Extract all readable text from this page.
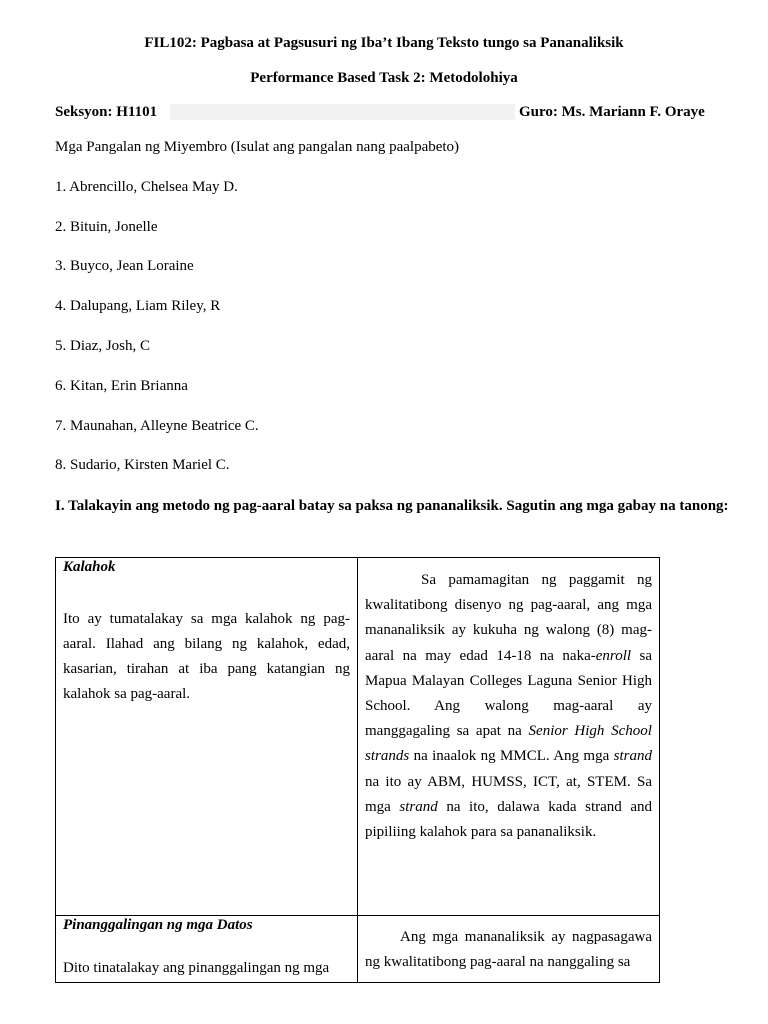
FIL102: Pagbasa at Pagsusuri ng Iba’t Ibang Teksto tungo sa Pananaliksik
Performance Based Task 2: Metodolohiya
Seksyon: H1101	Guro: Ms. Mariann F. Oraye
Mga Pangalan ng Miyembro (Isulat ang pangalan nang paalpabeto)
1. Abrencillo, Chelsea May D.
2. Bituin, Jonelle
3. Buyco, Jean Loraine
4. Dalupang, Liam Riley, R
5. Diaz, Josh, C
6. Kitan, Erin Brianna
7. Maunahan, Alleyne Beatrice C.
8. Sudario, Kirsten Mariel C.
I. Talakayin ang metodo ng pag-aaral batay sa paksa ng pananaliksik. Sagutin ang mga gabay na tanong:
Kalahok
Ito ay tumatalakay sa mga kalahok ng pag-aaral. Ilahad ang bilang ng kalahok, edad, kasarian, tirahan at iba pang katangian ng kalahok sa pag-aaral.	Sa pamamagitan ng paggamit ng kwalitatibong disenyo ng pag-aaral, ang mga mananaliksik ay kukuha ng walong (8) mag-aaral na may edad 14-18 na naka-enroll sa Mapua Malayan Colleges Laguna Senior High School. Ang walong mag-aaral ay manggagaling sa apat na Senior High School strands na inaalok ng MMCL. Ang mga strand na ito ay ABM, HUMSS, ICT, at, STEM. Sa mga strand na ito, dalawa kada strand and pipiliing kalahok para sa pananaliksik.

Pinanggalingan ng mga Datos
Dito tinatalakay ang pinanggalingan ng mga	Ang mga mananaliksik ay nagpasagawa ng kwalitatibong pag-aaral na nanggaling sa
